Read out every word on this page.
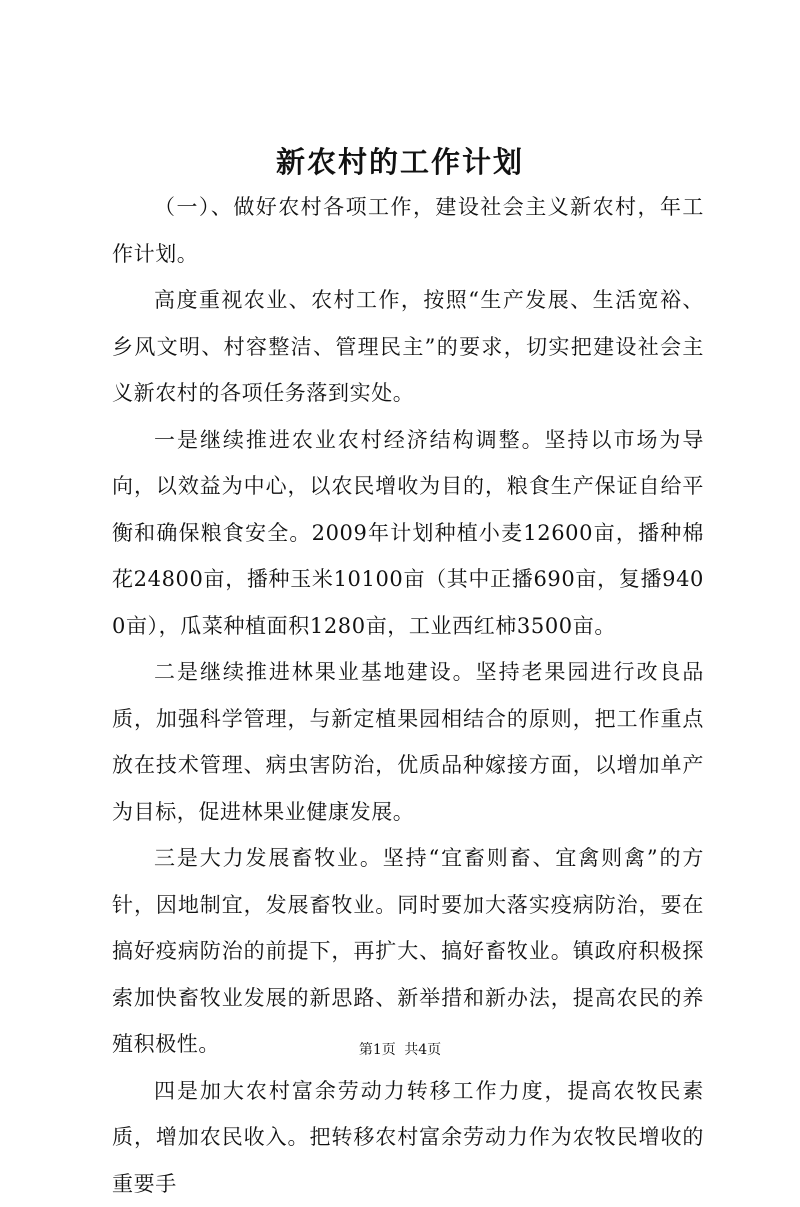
新农村的工作计划

（一）、做好农村各项工作，建设社会主义新农村，年工作计划。

高度重视农业、农村工作，按照“生产发展、生活宽裕、乡风文明、村容整洁、管理民主”的要求，切实把建设社会主义新农村的各项任务落到实处。

一是继续推进农业农村经济结构调整。坚持以市场为导向，以效益为中心，以农民增收为目的，粮食生产保证自给平衡和确保粮食安全。2009年计划种植小麦12600亩，播种棉花24800亩，播种玉米10100亩（其中正播690亩，复播9400亩），瓜菜种植面积1280亩，工业西红柿3500亩。

二是继续推进林果业基地建设。坚持老果园进行改良品质，加强科学管理，与新定植果园相结合的原则，把工作重点放在技术管理、病虫害防治，优质品种嫁接方面，以增加单产为目标，促进林果业健康发展。

三是大力发展畜牧业。坚持“宜畜则畜、宜禽则禽”的方针，因地制宜，发展畜牧业。同时要加大落实疫病防治，要在搞好疫病防治的前提下，再扩大、搞好畜牧业。镇政府积极探索加快畜牧业发展的新思路、新举措和新办法，提高农民的养殖积极性。

四是加大农村富余劳动力转移工作力度，提高农牧民素质，增加农民收入。把转移农村富余劳动力作为农牧民增收的重要手

第1页 共4页
